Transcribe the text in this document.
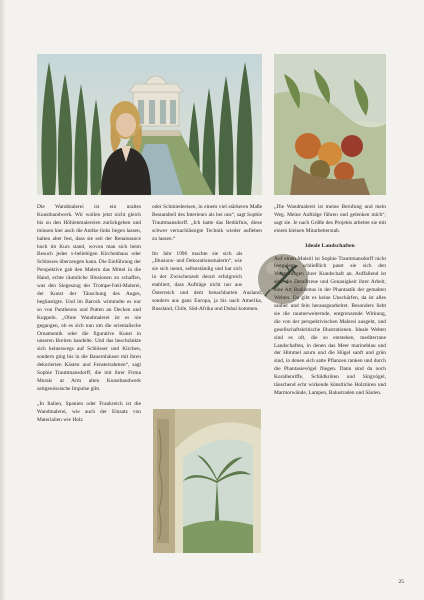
Die Wandmalerei ist ein uraltes Kunsthandwerk. Wir wollen jetzt nicht gleich bis zu den Höhlenmalereien zurückgehen und müssen hier auch die Antike links liegen lassen, halten aber fest, dass sie seit der Renaissance hoch im Kurs stand, wovon man sich beim Besuch jedes x-beliebigen Kirchenbaus oder Schlosses überzeugen kann. Die Einführung der Perspektive gab den Malern das Mittel in die Hand, echte räumliche Illusionen zu schaffen, was den Siegeszug der Trompe-l'œil-Malerei, der Kunst der Täuschung des Auges, begünstigte. Und im Barock wimmelte es nur so von Pantheons und Putten an Decken und Kuppeln. „Ohne Wandmalerei ist es nie gegangen, ob es sich nun um die orientalische Ornamentik oder die figurative Kunst in unseren Breiten handelte. Und das beschränkte sich keineswegs auf Schlösser und Kirchen, sondern ging bis in die Bauernhäuser mit ihren dekorierten Kästen und Fensterrahmen“, sagt Sophie Trauttmansdorff, die mit ihrer Firma Murals at Arm alten Kunsthandwerk zeitgenössische Impulse gibt.

„In Italien, Spanien oder Frankreich ist die Wandmalerei, wie auch der Einsatz von Materialien wie Holz

oder Schmiedeeisen, in einem viel stärkeren Maße Bestandteil des Interieurs als bei uns“, sagt Sophie Trauttmansdorff. „Ich hatte das Bedürfnis, diese schwer vernachlässigte Technik wieder aufleben zu lassen.“

Im Jahr 1996 machte sie sich als „Illusions- und Dekorationsmalerin“, wie sie sich nennt, selbstständig und hat sich in der Zwischenzeit derart erfolgreich etabliert, dass Aufträge nicht nur aus Österreich und dem benachbarten Ausland, sondern aus ganz Europa, ja bis nach Amerika, Russland, Chile, Süd-Afrika und Dubai kommen.

„Die Wandmalerei ist meine Berufung und mein Weg. Meine Aufträge führen und gelenken mich“, sagt sie. Je nach Größe des Projekts arbeitet sie mit einem kleinen Mitarbeiterstab.

Ideale Landschaften

Auf einen Malstil ist Sophie Trauttmansdorff nicht festgelegt, schließlich passt sie sich den Vorstellungen ihrer Kundschaft an. Auffallend ist aber die Detailtreue und Genauigkeit ihrer Arbeit, eine Art Realismus in der Phantastik der gemalten Welten. Da gibt es keine Unschärfen, da ist alles sauber und fein herausgearbeitet. Besonders liebt sie die raumerweiternde, entgrenzende Wirkung, die von der perspektivischen Malerei ausgeht, und gesellschaftskritische Illustrationen. Ideale Welten sind es oft, die so entstehen, mediterrane Landschaften, in denen das Meer marineblau und der Himmel azurn und die Hügel sanft und grün sind, in denen sich satte Pflanzen ranken und durch die Phantasievögel fliegen. Dann sind da noch Korallenriffe, Schildkröten und Singvögel, täuschend echt wirkende künstliche Holztüren und Marmorwände, Lampen, Balustraden und Säulen.

25
